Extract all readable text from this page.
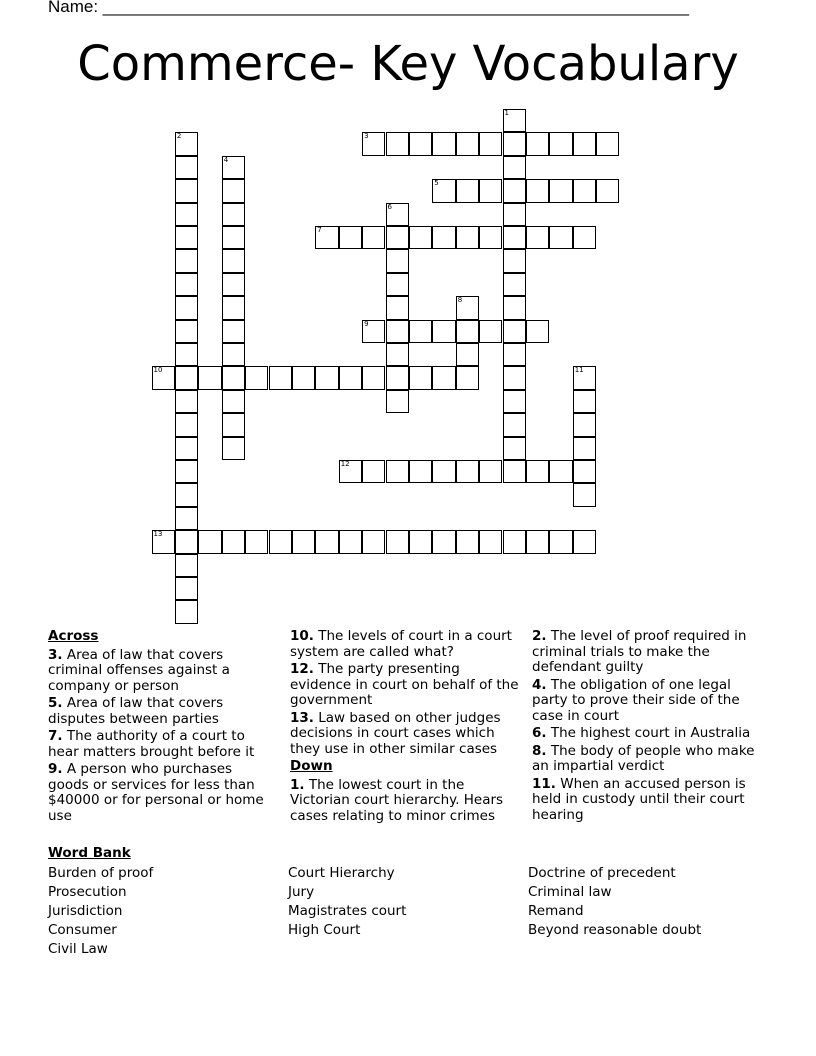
Name: ______________________________________________________________
Commerce- Key Vocabulary
1
2	3
4
5
6
7
8
9
10	11
12
13
Across
3. Area of law that covers criminal offenses against a company or person
5. Area of law that covers disputes between parties
7. The authority of a court to hear matters brought before it
9. A person who purchases goods or services for less than $40000 or for personal or home use
10. The levels of court in a court system are called what?
12. The party presenting evidence in court on behalf of the government
13. Law based on other judges decisions in court cases which they use in other similar cases
Down
1. The lowest court in the Victorian court hierarchy. Hears cases relating to minor crimes
2. The level of proof required in criminal trials to make the defendant guilty
4. The obligation of one legal party to prove their side of the case in court
6. The highest court in Australia
8. The body of people who make an impartial verdict
11. When an accused person is held in custody until their court hearing
Word Bank
Burden of proof
Prosecution
Jurisdiction
Consumer
Civil Law
Court Hierarchy
Jury
Magistrates court
High Court
Doctrine of precedent
Criminal law
Remand
Beyond reasonable doubt
